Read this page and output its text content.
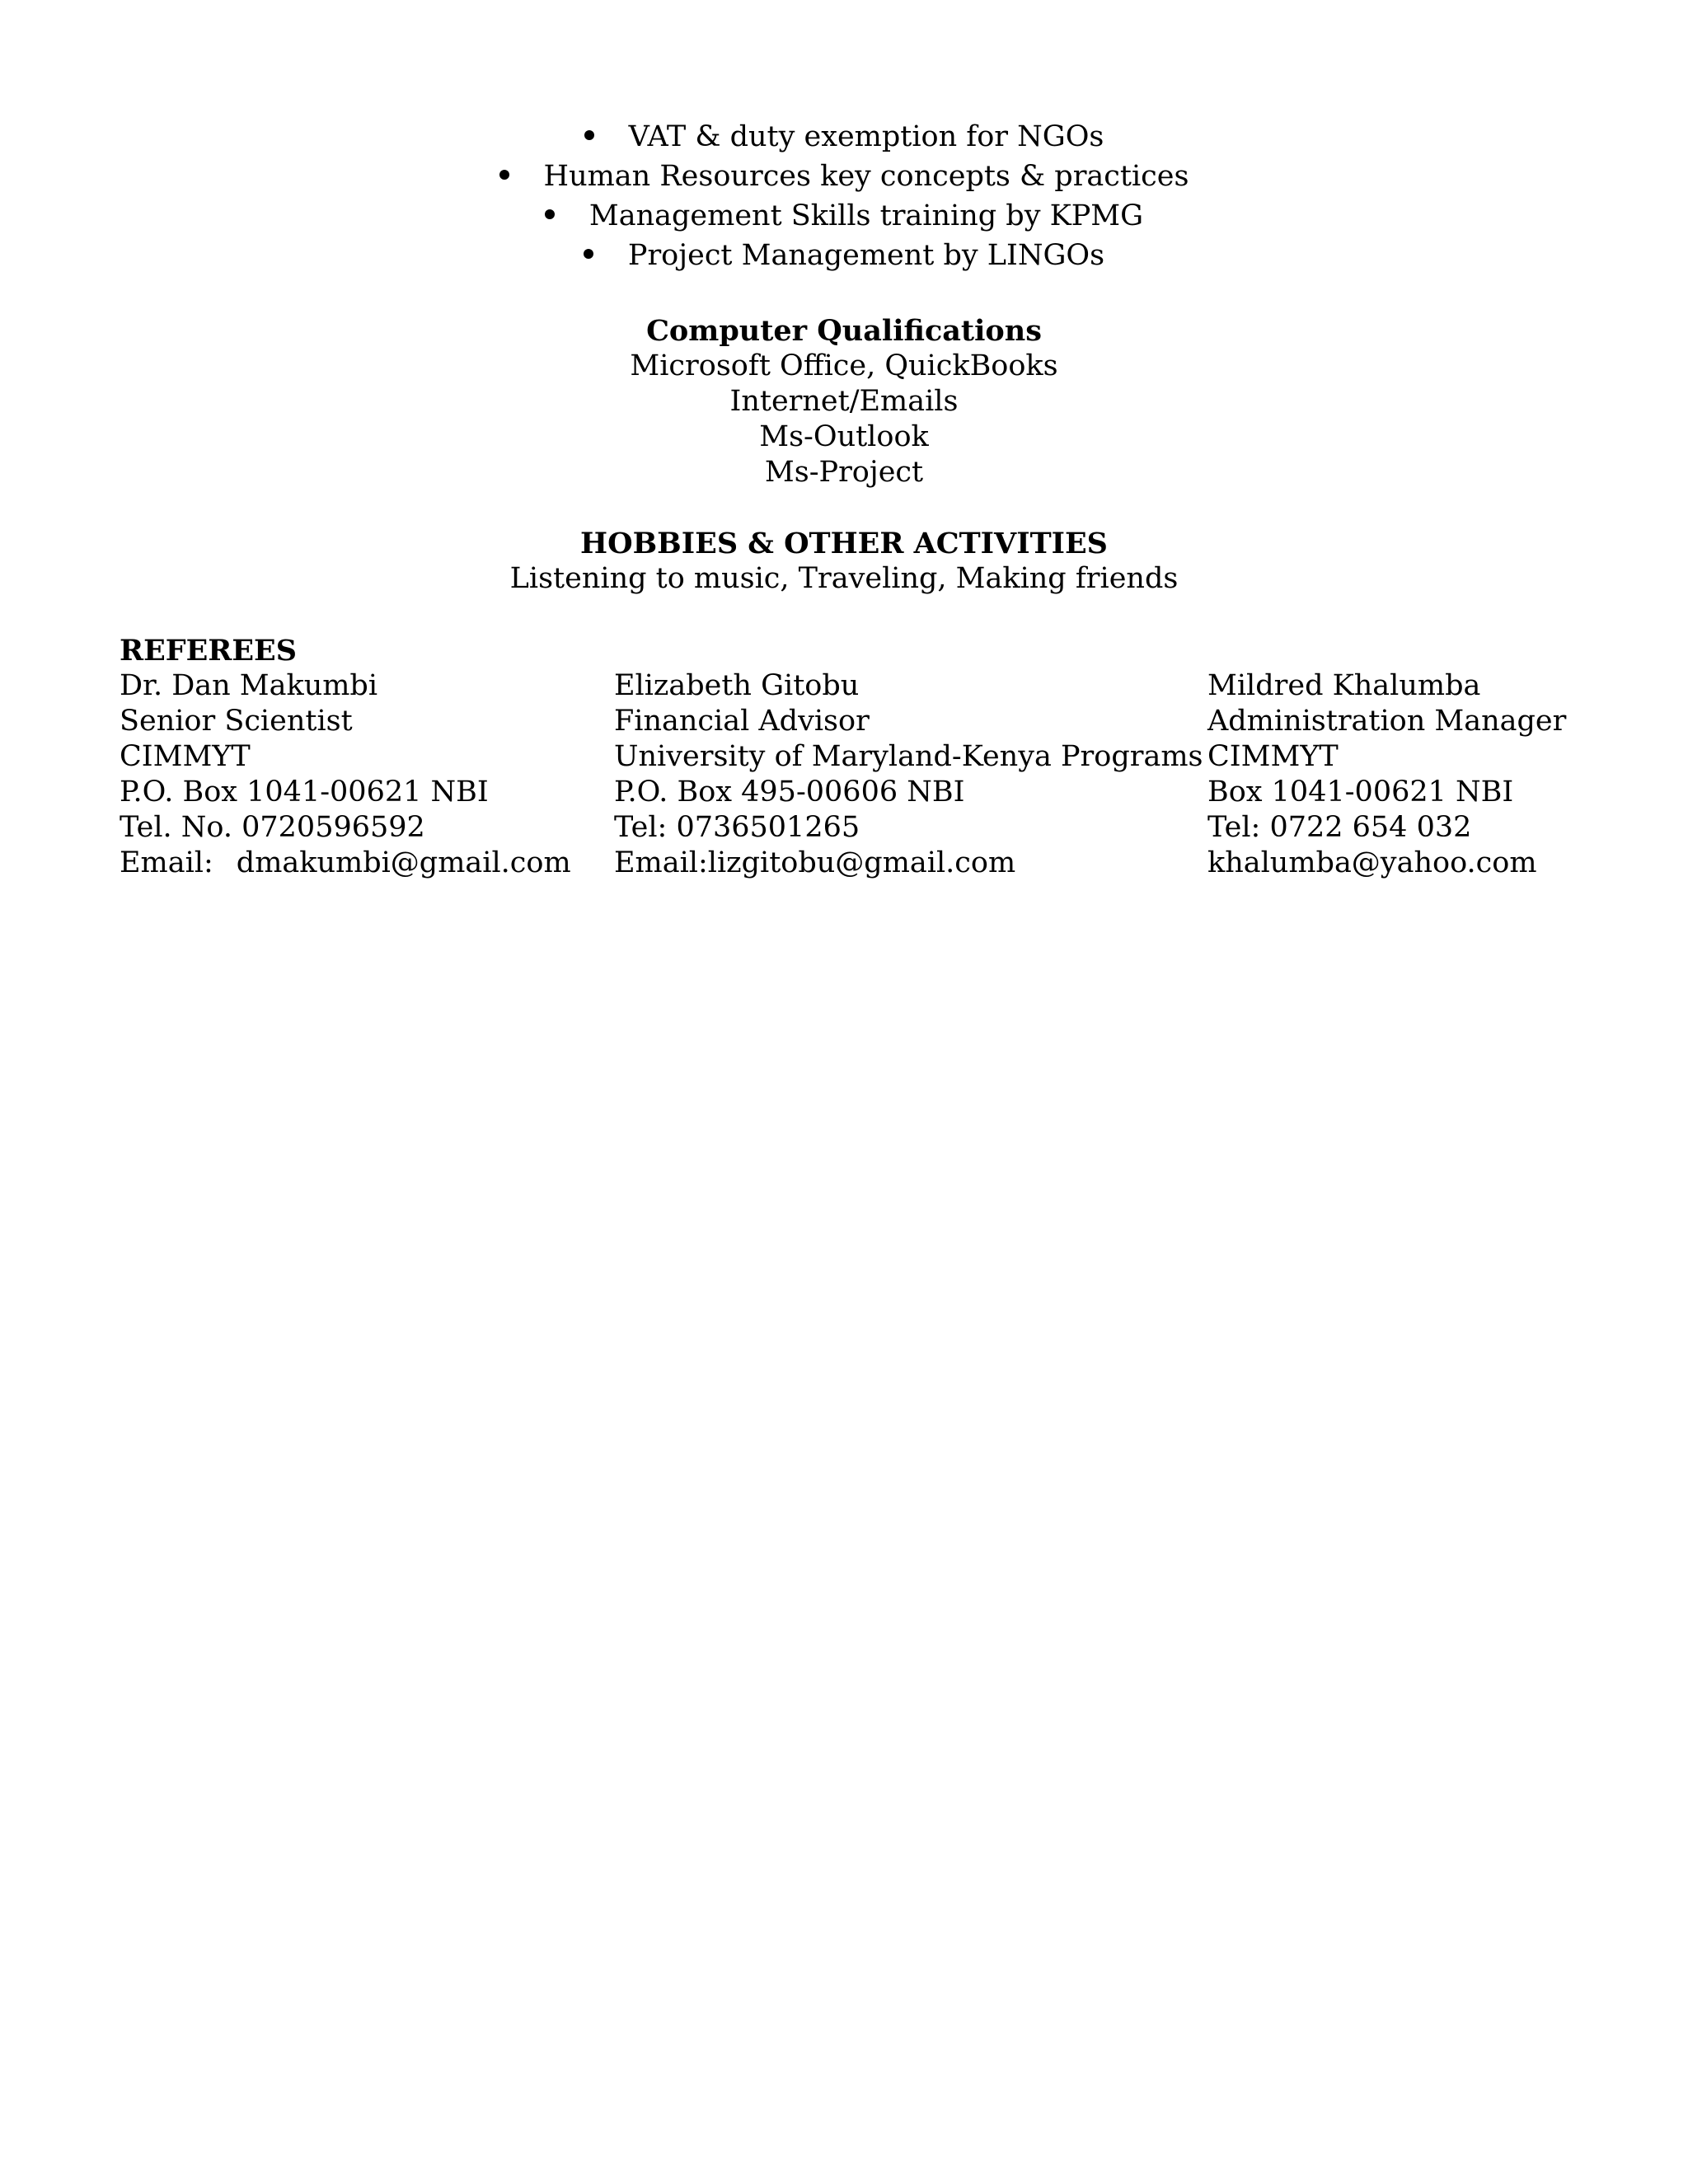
VAT & duty exemption for NGOs
Human Resources key concepts & practices
Management Skills training by KPMG
Project Management by LINGOs
Computer Qualifications
Microsoft Office, QuickBooks
Internet/Emails
Ms-Outlook
Ms-Project
HOBBIES & OTHER ACTIVITIES
Listening to music, Traveling, Making friends
REFEREES
Dr. Dan Makumbi
Senior Scientist
CIMMYT
P.O. Box 1041-00621 NBI
Tel. No. 0720596592
Email: dmakumbi@gmail.com
Elizabeth Gitobu
Financial Advisor
University of Maryland-Kenya Programs
P.O. Box 495-00606 NBI
Tel: 0736501265
Email:lizgitobu@gmail.com
Mildred Khalumba
Administration Manager
CIMMYT
Box 1041-00621 NBI
Tel: 0722 654 032
khalumba@yahoo.com
